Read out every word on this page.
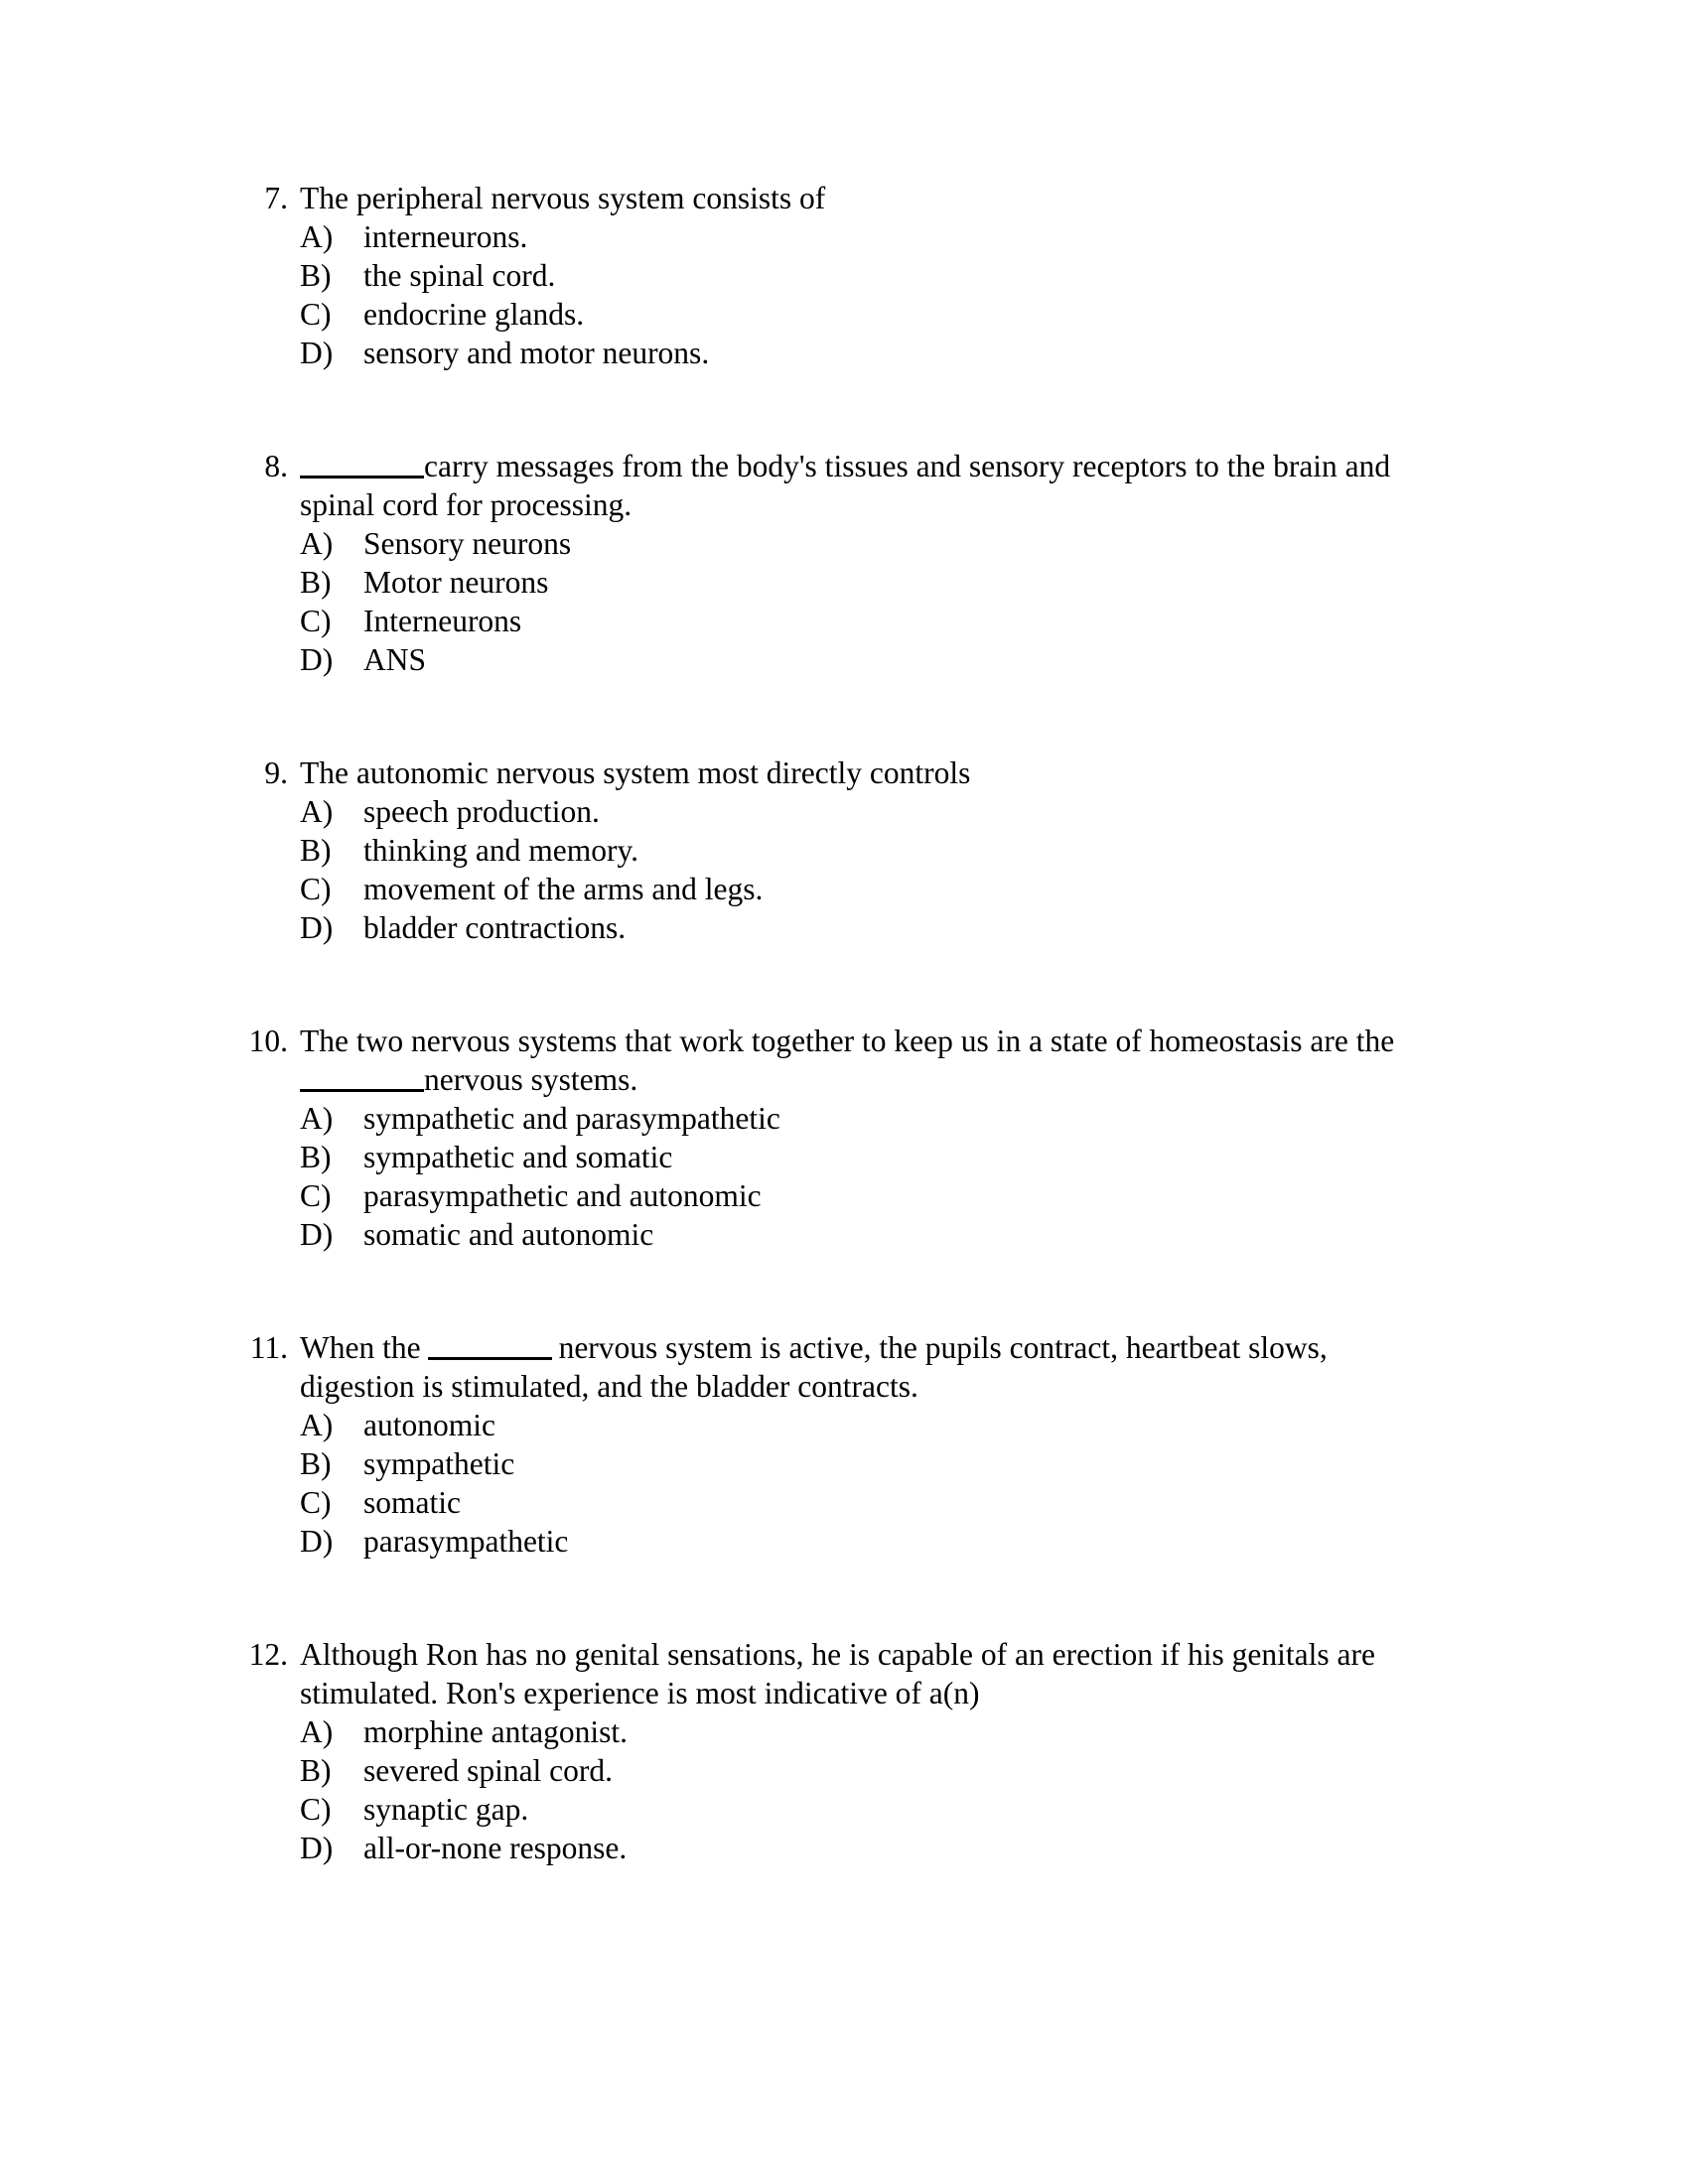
7. The peripheral nervous system consists of
A) interneurons.
B)	the spinal cord.
C)	endocrine glands.
D) sensory and motor neurons.
8.	carry messages from the body's tissues and sensory receptors to the brain and spinal cord for processing.
A) Sensory neurons
B)	Motor neurons
C)	Interneurons
D) ANS
9. The autonomic nervous system most directly controls
A) speech production.
B)	thinking and memory.
C)	movement of the arms and legs.
D) bladder contractions.
10. The two nervous systems that work together to keep us in a state of homeostasis are thenervous systems.
A) sympathetic and parasympathetic
B)	sympathetic and somatic
C)	parasympathetic and autonomic
D) somatic and autonomic
11. When the	nervous system is active, the pupils contract, heartbeat slows, digestion is stimulated, and the bladder contracts.
A) autonomic
B)	sympathetic
C)	somatic
D) parasympathetic
12. Although Ron has no genital sensations, he is capable of an erection if his genitals are stimulated. Ron's experience is most indicative of a(n)
A) morphine antagonist.
B)	severed spinal cord.
C)	synaptic gap.
D) all-or-none response.
